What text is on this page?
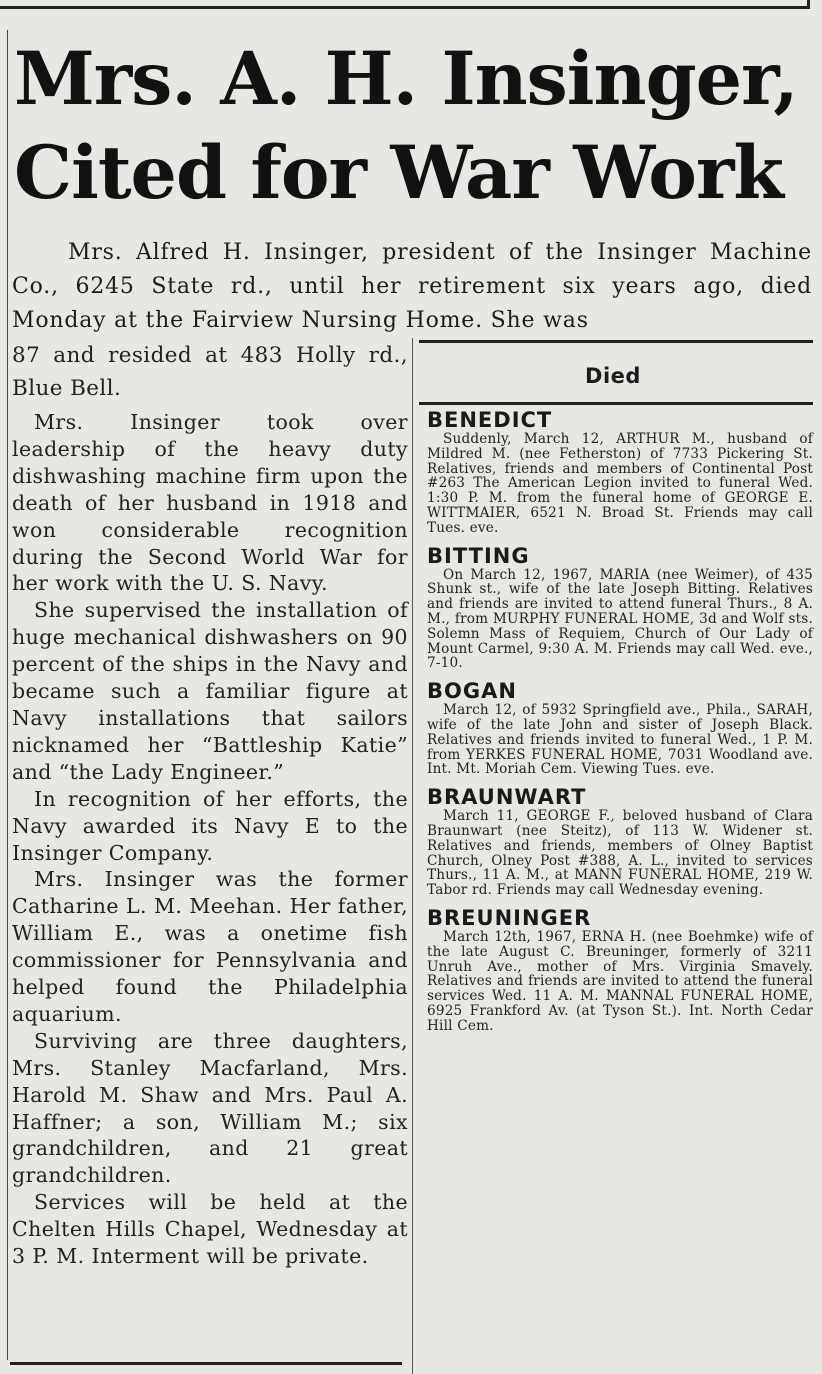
Mrs. A. H. Insinger,
Cited for War Work

Mrs. Alfred H. Insinger, president of the Insinger Machine Co., 6245 State rd., until her retirement six years ago, died Monday at the Fairview Nursing Home. She was

87 and resided at 483 Holly rd., Blue Bell.

Mrs. Insinger took over leadership of the heavy duty dishwashing machine firm upon the death of her husband in 1918 and won considerable recognition during the Second World War for her work with the U. S. Navy.

She supervised the installation of huge mechanical dishwashers on 90 percent of the ships in the Navy and became such a familiar figure at Navy installations that sailors nicknamed her “Battleship Katie” and “the Lady Engineer.”

In recognition of her efforts, the Navy awarded its Navy E to the Insinger Company.

Mrs. Insinger was the former Catharine L. M. Meehan. Her father, William E., was a onetime fish commissioner for Pennsylvania and helped found the Philadelphia aquarium.

Surviving are three daughters, Mrs. Stanley Macfarland, Mrs. Harold M. Shaw and Mrs. Paul A. Haffner; a son, William M.; six grandchildren, and 21 great grandchildren.

Services will be held at the Chelten Hills Chapel, Wednesday at 3 P. M. Interment will be private.

Died
BENEDICT

Suddenly, March 12, ARTHUR M., husband of Mildred M. (nee Fetherston) of 7733 Pickering St. Relatives, friends and members of Continental Post #263 The American Legion invited to funeral Wed. 1:30 P. M. from the funeral home of GEORGE E. WITTMAIER, 6521 N. Broad St. Friends may call Tues. eve.

BITTING

On March 12, 1967, MARIA (nee Weimer), of 435 Shunk st., wife of the late Joseph Bitting. Relatives and friends are invited to attend funeral Thurs., 8 A. M., from MURPHY FUNERAL HOME, 3d and Wolf sts. Solemn Mass of Requiem, Church of Our Lady of Mount Carmel, 9:30 A. M. Friends may call Wed. eve., 7-10.

BOGAN

March 12, of 5932 Springfield ave., Phila., SARAH, wife of the late John and sister of Joseph Black. Relatives and friends invited to funeral Wed., 1 P. M. from YERKES FUNERAL HOME, 7031 Woodland ave. Int. Mt. Moriah Cem. Viewing Tues. eve.

BRAUNWART

March 11, GEORGE F., beloved husband of Clara Braunwart (nee Steitz), of 113 W. Widener st. Relatives and friends, members of Olney Baptist Church, Olney Post #388, A. L., invited to services Thurs., 11 A. M., at MANN FUNERAL HOME, 219 W. Tabor rd. Friends may call Wednesday evening.

BREUNINGER

March 12th, 1967, ERNA H. (nee Boehmke) wife of the late August C. Breuninger, formerly of 3211 Unruh Ave., mother of Mrs. Virginia Smavely. Relatives and friends are invited to attend the funeral services Wed. 11 A. M. MANNAL FUNERAL HOME, 6925 Frankford Av. (at Tyson St.). Int. North Cedar Hill Cem.
